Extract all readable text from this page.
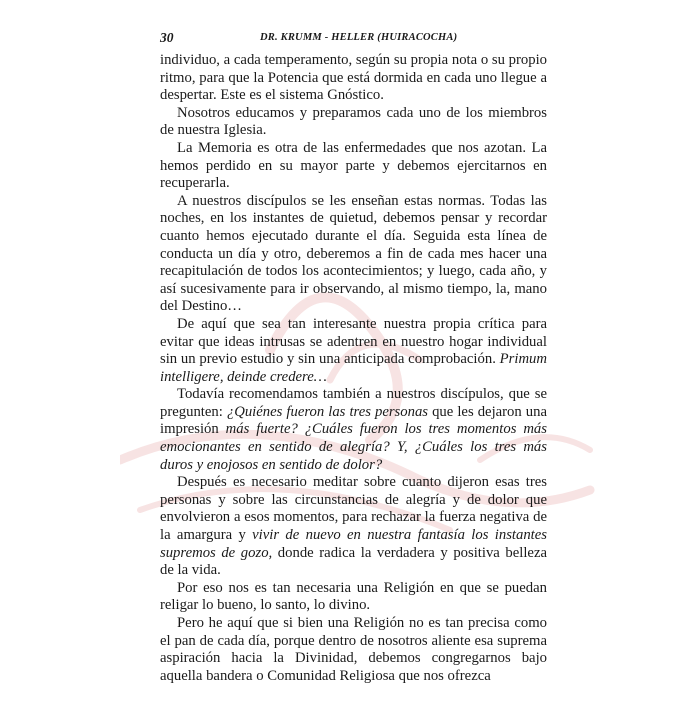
30	DR. KRUMM - HELLER (HUIRACOCHA)

individuo, a cada temperamento, según su propia nota o su propio ritmo, para que la Potencia que está dormida en cada uno llegue a despertar. Este es el sistema Gnóstico.

Nosotros educamos y preparamos cada uno de los miembros de nuestra Iglesia.

La Memoria es otra de las enfermedades que nos azotan. La hemos perdido en su mayor parte y debemos ejercitarnos en recuperarla.

A nuestros discípulos se les enseñan estas normas. Todas las noches, en los instantes de quietud, debemos pensar y recordar cuanto hemos ejecutado durante el día. Seguida esta línea de conducta un día y otro, deberemos a fin de cada mes hacer una recapitulación de todos los acontecimientos; y luego, cada año, y así sucesivamente para ir observando, al mismo tiempo, la, mano del Destino…

De aquí que sea tan interesante nuestra propia crítica para evitar que ideas intrusas se adentren en nuestro hogar individual sin un previo estudio y sin una anticipada comprobación. Primum intelligere, deinde credere…

Todavía recomendamos también a nuestros discípulos, que se pregunten: ¿Quiénes fueron las tres personas que les dejaron una impresión más fuerte? ¿Cuáles fueron los tres momentos más emocionantes en sentido de alegría? Y, ¿Cuáles los tres más duros y enojosos en sentido de dolor?

Después es necesario meditar sobre cuanto dijeron esas tres personas y sobre las circunstancias de alegría y de dolor que envolvieron a esos momentos, para rechazar la fuerza negativa de la amargura y vivir de nuevo en nuestra fantasía los instantes supremos de gozo, donde radica la verdadera y positiva belleza de la vida.

Por eso nos es tan necesaria una Religión en que se puedan religar lo bueno, lo santo, lo divino.

Pero he aquí que si bien una Religión no es tan precisa como el pan de cada día, porque dentro de nosotros aliente esa suprema aspiración hacia la Divinidad, debemos congregarnos bajo aquella bandera o Comunidad Religiosa que nos ofrezca
